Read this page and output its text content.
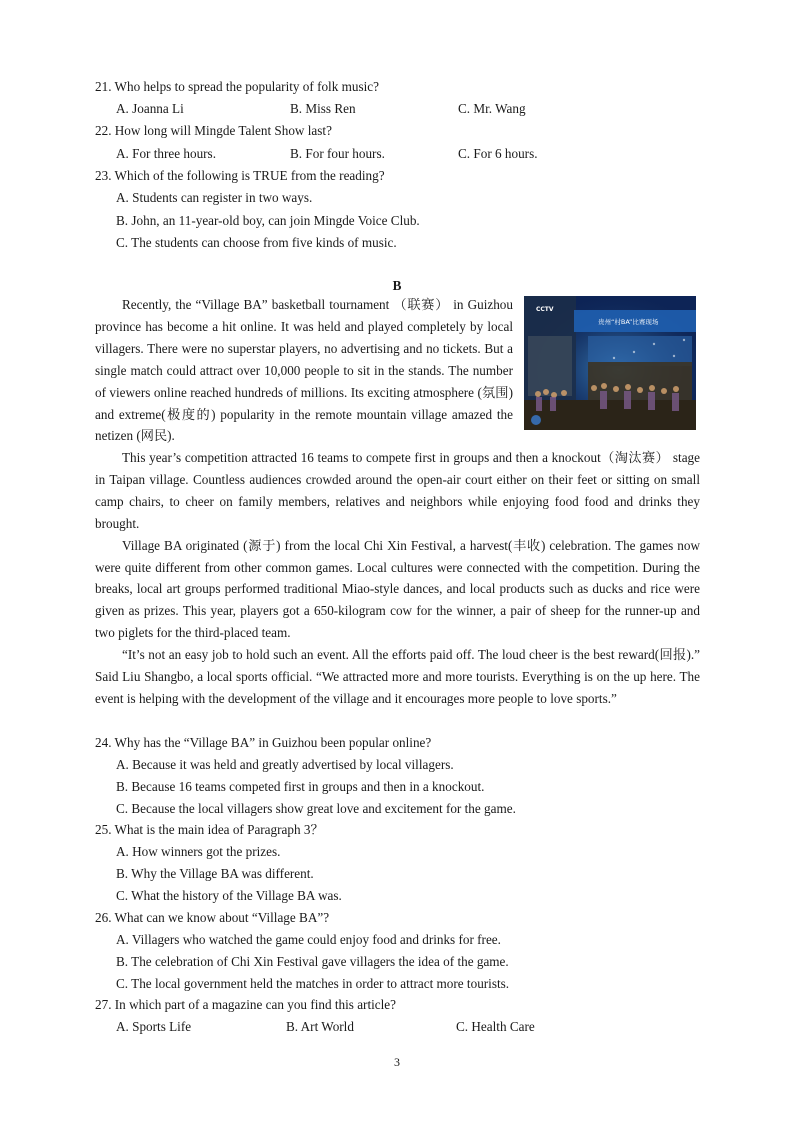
21. Who helps to spread the popularity of folk music?
A. Joanna Li	B. Miss Ren	C. Mr. Wang
22. How long will Mingde Talent Show last?
A. For three hours.	B. For four hours.	C. For 6 hours.
23. Which of the following is TRUE from the reading?
A. Students can register in two ways.
B. John, an 11-year-old boy, can join Mingde Voice Club.
C. The students can choose from five kinds of music.
B
CCTV
贵州“村BA”比赛现场

Recently, the “Village BA” basketball tournament （联赛） in Guizhou province has become a hit online. It was held and played completely by local villagers. There were no superstar players, no advertising and no tickets. But a single match could attract over 10,000 people to sit in the stands. The number of viewers online reached hundreds of millions. Its exciting atmosphere (氛围) and extreme(极度的) popularity in the remote mountain village amazed the netizen (网民).

This year’s competition attracted 16 teams to compete first in groups and then a knockout（淘汰赛） stage in Taipan village. Countless audiences crowded around the open-air court either on their feet or sitting on small camp chairs, to cheer on family members, relatives and neighbors while enjoying food food and drinks they brought.

Village BA originated (源于) from the local Chi Xin Festival, a harvest(丰收) celebration. The games now were quite different from other common games. Local cultures were connected with the competition. During the breaks, local art groups performed traditional Miao-style dances, and local products such as ducks and rice were given as prizes. This year, players got a 650-kilogram cow for the winner, a pair of sheep for the runner-up and two piglets for the third-placed team.

“It’s not an easy job to hold such an event. All the efforts paid off. The loud cheer is the best reward(回报).” Said Liu Shangbo, a local sports official. “We attracted more and more tourists. Everything is on the up here. The event is helping with the development of the village and it encourages more people to love sports.”

24. Why has the “Village BA” in Guizhou been popular online?
A. Because it was held and greatly advertised by local villagers.
B. Because 16 teams competed first in groups and then in a knockout.
C. Because the local villagers show great love and excitement for the game.
25. What is the main idea of Paragraph 3？
A. How winners got the prizes.
B. Why the Village BA was different.
C. What the history of the Village BA was.
26. What can we know about “Village BA”?
A. Villagers who watched the game could enjoy food and drinks for free.
B. The celebration of Chi Xin Festival gave villagers the idea of the game.
C. The local government held the matches in order to attract more tourists.
27. In which part of a magazine can you find this article?
A. Sports Life	B. Art World	C. Health Care
3
